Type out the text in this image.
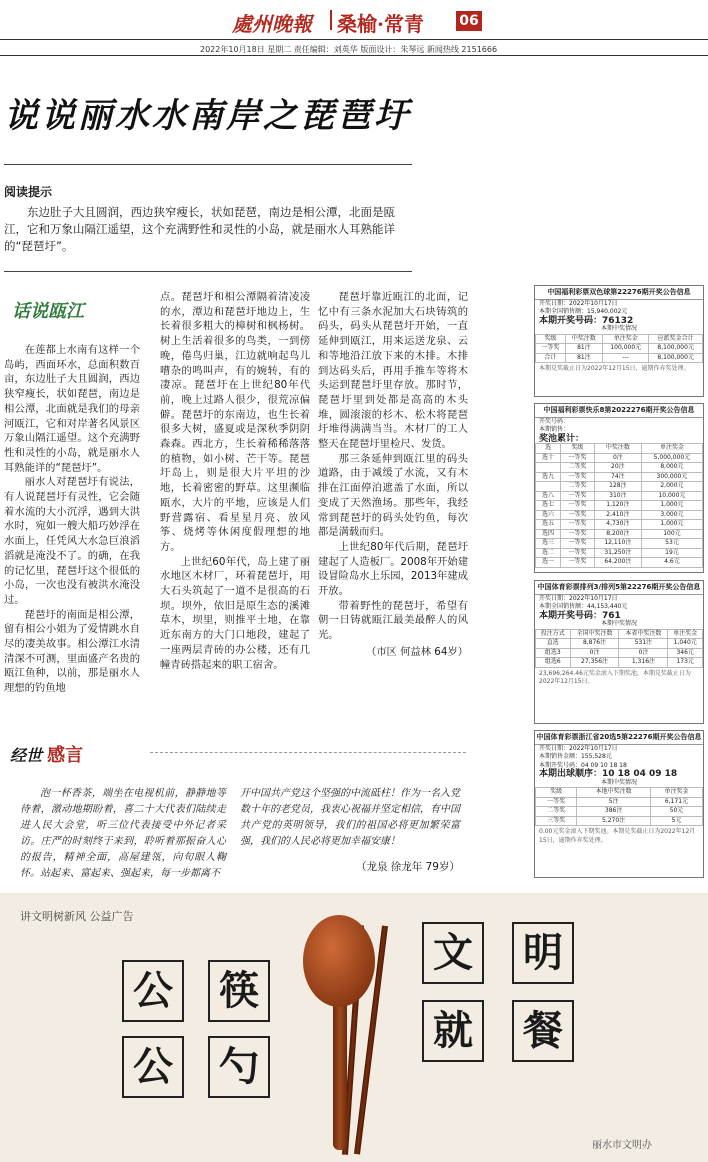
處州晚報 桑榆·常青	06
2022年10月18日 星期二 责任编辑：刘英华 版面设计：朱琴远 新闻热线 2151666
说说丽水水南岸之琵琶圩
阅读提示
东边肚子大且圆润，西边狭窄瘦长，状如琵琶，南边是相公潭，北面是瓯江，它和万象山隔江遥望，这个充满野性和灵性的小岛，就是丽水人耳熟能详的“琵琶圩”。
话说瓯江

在莲都上水南有这样一个岛屿，西面环水，总面积数百亩，东边肚子大且圆润，西边狭窄瘦长，状如琵琶，南边是相公潭，北面就是我们的母亲河瓯江，它和对岸著名风景区万象山隔江遥望。这个充满野性和灵性的小岛，就是丽水人耳熟能详的“琵琶圩”。

丽水人对琵琶圩有说法，有人说琵琶圩有灵性，它会随着水流的大小沉浮，遇到大洪水时，宛如一艘大船巧妙浮在水面上，任凭风大水急巨浪滔滔就是淹没不了。的确，在我的记忆里，琵琶圩这个很低的小岛，一次也没有被洪水淹没过。

琵琶圩的南面是相公潭，留有相公小姐为了爱情跳水自尽的凄美故事。相公潭江水清清深不可测，里面盛产名贵的瓯江鱼种，以前，那是丽水人理想的钓鱼地

点。琵琶圩和相公潭隔着清凌凌的水，潭边和琵琶圩地边上，生长着很多粗大的樟树和枫杨树。树上生活着很多的鸟类，一到傍晚，倦鸟归巢，江边就响起鸟儿嘈杂的鸣叫声，有的婉转，有的凄凉。琵琶圩在上世纪80年代前，晚上过路人很少，很荒凉偏僻。琵琶圩的东南边，也生长着很多大树，盛夏或是深秋季阴阴森森。西北方，生长着稀稀落落的植物，如小树、芒干等。琵琶圩岛上，则是很大片平坦的沙地，长着密密的野草。这里濒临瓯水，大片的平地，应该是人们野营露宿、看星星月亮、放风筝、烧烤等休闲度假理想的地方。

上世纪60年代，岛上建了丽水地区木材厂，环着琵琶圩，用大石头筑起了一道不是很高的石坝。坝外，依旧是原生态的溪滩草木，坝里，则推平土地，在靠近东南方的大门口地段，建起了一座两层青砖的办公楼，还有几幢青砖搭起来的职工宿舍。

琵琶圩靠近瓯江的北面，记忆中有三条水泥加大石块铸筑的码头，码头从琵琶圩开始，一直延伸到瓯江，用来运送龙泉、云和等地沿江放下来的木排。木排到达码头后，再用手推车等将木头运到琵琶圩里存放。那时节，琵琶圩里到处都是高高的木头堆，圆滚滚的杉木、松木将琵琶圩堆得满满当当。木材厂的工人整天在琵琶圩里检尺、发货。

那三条延伸到瓯江里的码头道路，由于减缓了水流，又有木排在江面停泊遮盖了水面，所以变成了天然渔场。那些年，我经常到琵琶圩的码头处钓鱼，每次都是满载而归。

上世纪80年代后期，琵琶圩建起了人造板厂。2008年开始建设冒险岛水上乐园，2013年建成开放。

带着野性的琵琶圩，希望有朝一日铸就瓯江最美最醉人的风光。

（市区 何益林 64岁）
经世 感言
泡一杯香茶，端坐在电视机前，静静地等待着，激动地期盼着，喜二十大代表们陆续走进人民大会堂，听三位代表接受中外记者采访。庄严的时刻终于来到，聆听着那振奋人心的报告，精神全面，高屋建瓴，向旬眼人鞠怀。站起来、富起来、强起来，每一步都离不
开中国共产党这个坚强的中流砥柱！作为一名入党数十年的老党员，我衷心祝福并坚定相信，有中国共产党的英明领导，我们的祖国必将更加繁荣富强，我们的人民必将更加幸福安康！
（龙泉 徐龙年 79岁）
中国福利彩票双色球第22276期开奖公告信息
开奖日期：2022年10月17日
本期全国销售额：15,940,002元
本期开奖号码：76132
本期中奖情况
奖级	中奖注数	单注奖金	应派奖金合计
一等奖	81注	100,000元	8,100,000元
合计	81注	---	8,100,000元
本期兑奖截止日为2022年12月15日，逾期作弃奖处理。
中国福利彩票快乐8第2022276期开奖公告信息
开奖号码：
本期销售：
奖池累计：
选	奖级	中奖注数	单注奖金
选十	一等奖	0注	5,000,000元
	二等奖	20注	8,000元
选九	一等奖	74注	300,000元
	二等奖	128注	2,000元
选八	一等奖	310注	10,000元
选七	一等奖	1,120注	1,000元
选六	一等奖	2,410注	3,000元
选五	一等奖	4,730注	1,000元
选四	一等奖	8,200注	100元
选三	一等奖	12,110注	53元
选二	一等奖	31,250注	19元
选一	一等奖	64,200注	4.6元
中国体育彩票排列3/排列5第22276期开奖公告信息
开奖日期：2022年10月17日
本期全国销售额：44,153,440元
本期开奖号码：761
本期中奖情况
投注方式	全国中奖注数	本省中奖注数	单注奖金
直选	8,876注	531注	1,040元
组选3	0注	0注	346元
组选6	27,356注	1,316注	173元
23,696,264.46元奖金滚入下期奖池。本期兑奖截止日为2022年12月15日。
中国体育彩票浙江省20选5第22276期开奖公告信息
开奖日期：2022年10月17日
本期销售金额：155,528元
本期开奖号码：04 09 10 18 18
本期出球顺序：10 18 04 09 18
本期中奖情况
奖级	本地中奖注数	单注奖金
一等奖	5注	6,171元
二等奖	386注	50元
三等奖	5,270注	5元
0.00元奖金滚入下期奖池。本期兑奖截止日为2022年12月15日，逾期作弃奖处理。
讲文明树新风 公益广告
公 筷
公 勺
文 明
就 餐
丽水市文明办
